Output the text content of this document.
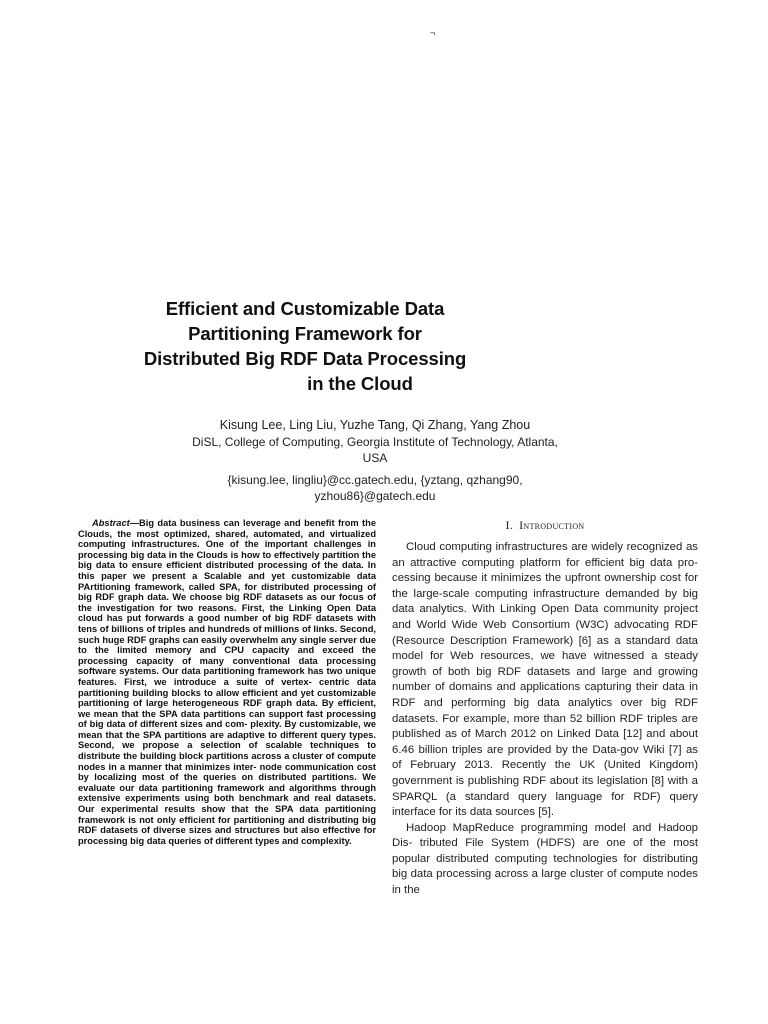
¬
Efficient and Customizable Data
Partitioning Framework for
Distributed Big RDF Data Processing
in the Cloud
Kisung Lee, Ling Liu, Yuzhe Tang, Qi Zhang, Yang Zhou
DiSL, College of Computing, Georgia Institute of Technology, Atlanta,
USA
{kisung.lee, lingliu}@cc.gatech.edu, {yztang, qzhang90,
yzhou86}@gatech.edu
Abstract—Big data business can leverage and benefit from the Clouds, the most optimized, shared, automated, and virtualized computing infrastructures. One of the important challenges in processing big data in the Clouds is how to effectively partition the big data to ensure efficient distributed processing of the data. In this paper we present a Scalable and yet customizable data PArtitioning framework, called SPA, for distributed processing of big RDF graph data. We choose big RDF datasets as our focus of the investigation for two reasons. First, the Linking Open Data cloud has put forwards a good number of big RDF datasets with tens of billions of triples and hundreds of millions of links. Second, such huge RDF graphs can easily overwhelm any single server due to the limited memory and CPU capacity and exceed the processing capacity of many conventional data processing software systems. Our data partitioning framework has two unique features. First, we introduce a suite of vertex- centric data partitioning building blocks to allow efficient and yet customizable partitioning of large heterogeneous RDF graph data. By efficient, we mean that the SPA data partitions can support fast processing of big data of different sizes and com- plexity. By customizable, we mean that the SPA partitions are adaptive to different query types. Second, we propose a selection of scalable techniques to distribute the building block partitions across a cluster of compute nodes in a manner that minimizes inter- node communication cost by localizing most of the queries on distributed partitions. We evaluate our data partitioning framework and algorithms through extensive experiments using both benchmark and real datasets. Our experimental results show that the SPA data partitioning framework is not only efficient for partitioning and distributing big RDF datasets of diverse sizes and structures but also effective for processing big data queries of different types and complexity.
I. Introduction

Cloud computing infrastructures are widely recognized as an attractive computing platform for efficient big data pro- cessing because it minimizes the upfront ownership cost for the large-scale computing infrastructure demanded by big data analytics. With Linking Open Data community project and World Wide Web Consortium (W3C) advocating RDF (Resource Description Framework) [6] as a standard data model for Web resources, we have witnessed a steady growth of both big RDF datasets and large and growing number of domains and applications capturing their data in RDF and performing big data analytics over big RDF datasets. For example, more than 52 billion RDF triples are published as of March 2012 on Linked Data [12] and about 6.46 billion triples are provided by the Data-gov Wiki [7] as of February 2013. Recently the UK (United Kingdom) government is publishing RDF about its legislation [8] with a SPARQL (a standard query language for RDF) query interface for its data sources [5].

Hadoop MapReduce programming model and Hadoop Dis- tributed File System (HDFS) are one of the most popular distributed computing technologies for distributing big data processing across a large cluster of compute nodes in the
